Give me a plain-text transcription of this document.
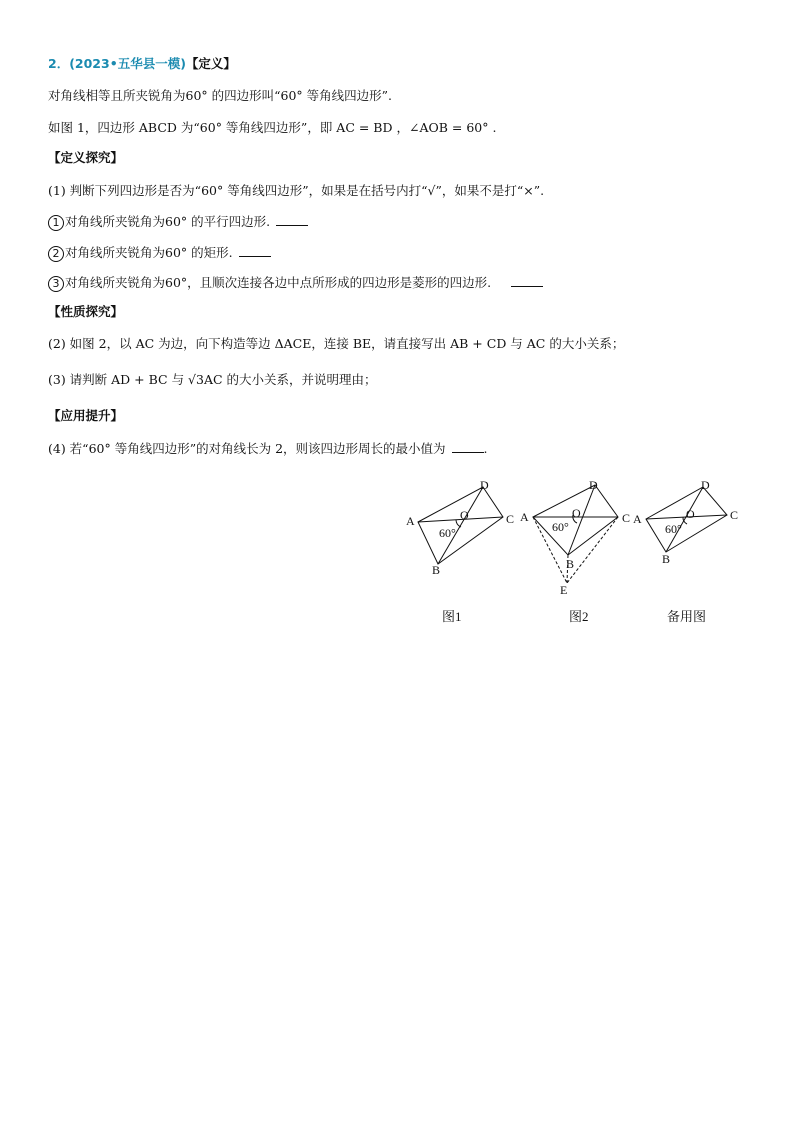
2．(2023•五华县一模)【定义】
对角线相等且所夹锐角为60° 的四边形叫“60° 等角线四边形”.
如图 1，四边形 ABCD 为“60° 等角线四边形”，即 AC = BD ，∠AOB = 60° .
【定义探究】
(1) 判断下列四边形是否为“60° 等角线四边形”，如果是在括号内打“√”，如果不是打“×”.
1 对角线所夹锐角为60° 的平行四边形.
2 对角线所夹锐角为60° 的矩形.
3 对角线所夹锐角为60°，且顺次连接各边中点所形成的四边形是菱形的四边形.
【性质探究】
(2) 如图 2，以 AC 为边，向下构造等边 ΔACE，连接 BE，请直接写出 AB + CD 与 AC 的大小关系；
(3) 请判断 AD + BC 与 √3AC 的大小关系，并说明理由；
【应用提升】
(4) 若“60° 等角线四边形”的对角线长为 2，则该四边形周长的最小值为	.
A
B
C
D
O
60°
图1
A
B
C
D
O
E
60°
图2
A
B
C
D
O
60°
备用图
